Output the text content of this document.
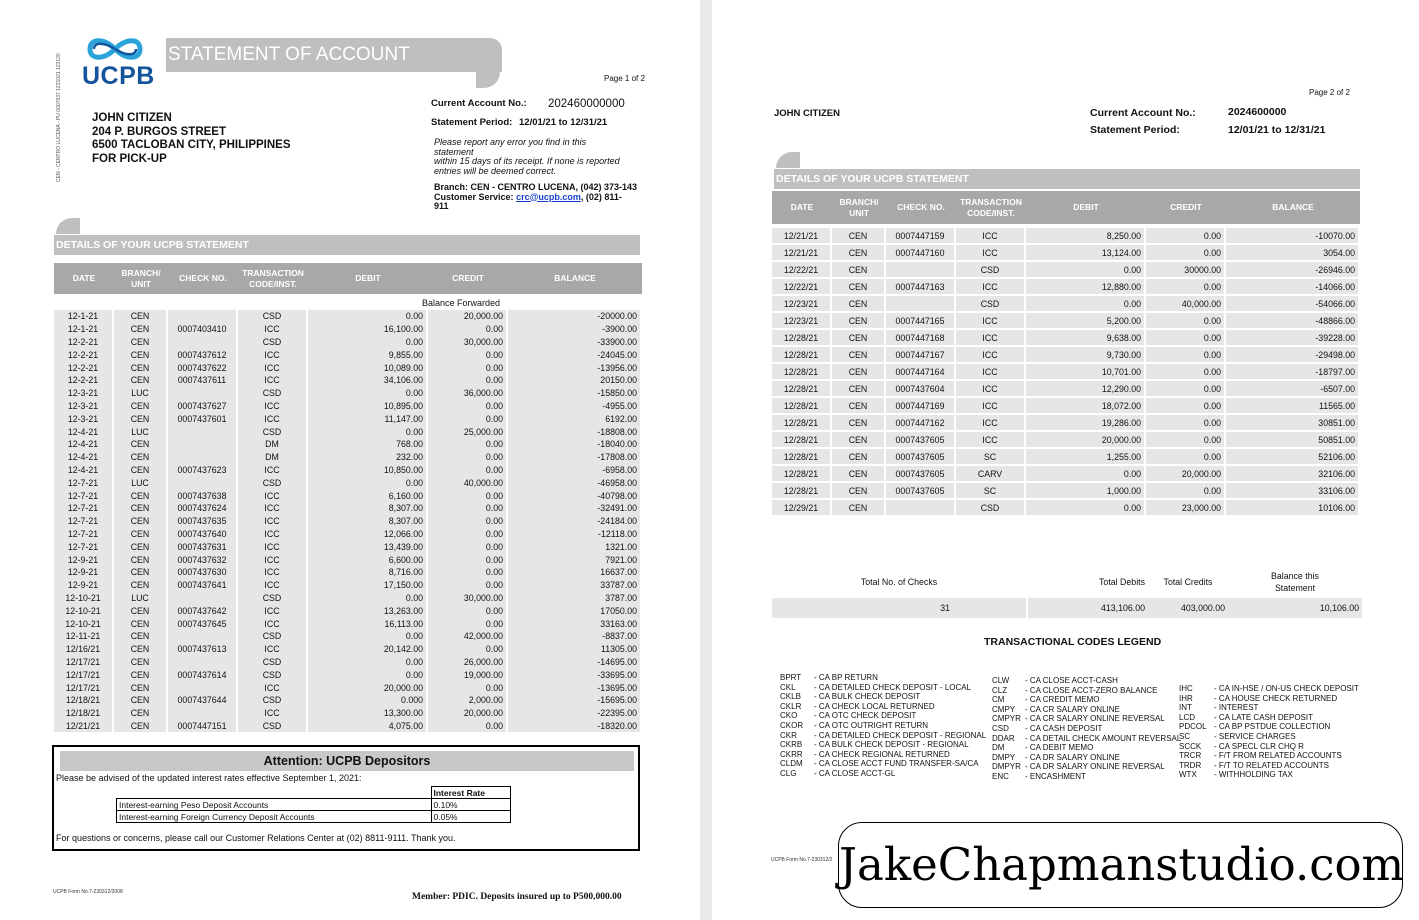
UCPB
STATEMENT OF ACCOUNT
Page 1 of 2
CEN - CENTRO LUCENA - PU 0007837 1231021 123120	JOHN CITIZEN
204 P. BURGOS STREET
6500 TACLOBAN CITY, PHILIPPINES
FOR PICK-UP
Current Account No.: 202460000000
Statement Period: 12/01/21 to 12/31/21
Please report any error you find in this
statement
within 15 days of its receipt. If none is reported
entries will be deemed correct.
Branch: CEN - CENTRO LUCENA, (042) 373-143
Customer Service: crc@ucpb.com, (02) 811-
911
DETAILS OF YOUR UCPB STATEMENT
Balance Forwarded
DATE	BRANCH/
UNIT	CHECK NO.	TRANSACTION
CODE/INST.	DEBIT	CREDIT	BALANCE

12-1-21	CEN		CSD	0.00	20,000.00	-20000.00
12-1-21	CEN	0007403410	ICC	16,100.00	0.00	-3900.00
12-2-21	CEN		CSD	0.00	30,000.00	-33900.00
12-2-21	CEN	0007437612	ICC	9,855.00	0.00	-24045.00
12-2-21	CEN	0007437622	ICC	10,089.00	0.00	-13956.00
12-2-21	CEN	0007437611	ICC	34,106.00	0.00	20150.00
12-3-21	LUC		CSD	0.00	36,000.00	-15850.00
12-3-21	CEN	0007437627	ICC	10,895.00	0.00	-4955.00
12-3-21	CEN	0007437601	ICC	11,147.00	0.00	6192.00
12-4-21	LUC		CSD	0.00	25,000.00	-18808.00
12-4-21	CEN		DM	768.00	0.00	-18040.00
12-4-21	CEN		DM	232.00	0.00	-17808.00
12-4-21	CEN	0007437623	ICC	10,850.00	0.00	-6958.00
12-7-21	LUC		CSD	0.00	40,000.00	-46958.00
12-7-21	CEN	0007437638	ICC	6,160.00	0.00	-40798.00
12-7-21	CEN	0007437624	ICC	8,307.00	0.00	-32491.00
12-7-21	CEN	0007437635	ICC	8,307.00	0.00	-24184.00
12-7-21	CEN	0007437640	ICC	12,066.00	0.00	-12118.00
12-7-21	CEN	0007437631	ICC	13,439.00	0.00	1321.00
12-9-21	CEN	0007437632	ICC	6,600.00	0.00	7921.00
12-9-21	CEN	0007437630	ICC	8,716.00	0.00	16637.00
12-9-21	CEN	0007437641	ICC	17,150.00	0.00	33787.00
12-10-21	LUC		CSD	0.00	30,000.00	3787.00
12-10-21	CEN	0007437642	ICC	13,263.00	0.00	17050.00
12-10-21	CEN	0007437645	ICC	16,113.00	0.00	33163.00
12-11-21	CEN		CSD	0.00	42,000.00	-8837.00
12/16/21	CEN	0007437613	ICC	20,142.00	0.00	11305.00
12/17/21	CEN		CSD	0.00	26,000.00	-14695.00
12/17/21	CEN	0007437614	CSD	0.00	19,000.00	-33695.00
12/17/21	CEN		ICC	20,000.00	0.00	-13695.00
12/18/21	CEN	0007437644	CSD	0.000	2,000.00	-15695.00
12/18/21	CEN		ICC	13,300.00	20,000.00	-22395.00
12/21/21	CEN	0007447151	CSD	4,075.00	0.00	-18320.00
Attention: UCPB Depositors
Please be advised of the updated interest rates effective September 1, 2021:
	Interest Rate
Interest-earning Peso Deposit Accounts	0.10%
Interest-earning Foreign Currency Deposit Accounts	0.05%
For questions or concerns, please call our Customer Relations Center at (02) 8811-9111. Thank you.
UCPB Form No.7-230312/2008	Member: PDIC. Deposits insured up to P500,000.00
Page 2 of 2
JOHN CITIZEN	Current Account No.:	2024600000
Statement Period:	12/01/21 to 12/31/21
DETAILS OF YOUR UCPB STATEMENT
DATE	BRANCH/
UNIT	CHECK NO.	TRANSACTION
CODE/INST.	DEBIT	CREDIT	BALANCE

12/21/21	CEN	0007447159	ICC	8,250.00	0.00	-10070.00
12/21/21	CEN	0007447160	ICC	13,124.00	0.00	3054.00
12/22/21	CEN		CSD	0.00	30000.00	-26946.00
12/22/21	CEN	0007447163	ICC	12,880.00	0.00	-14066.00
12/23/21	CEN		CSD	0.00	40,000.00	-54066.00
12/23/21	CEN	0007447165	ICC	5,200.00	0.00	-48866.00
12/28/21	CEN	0007447168	ICC	9,638.00	0.00	-39228.00
12/28/21	CEN	0007447167	ICC	9,730.00	0.00	-29498.00
12/28/21	CEN	0007447164	ICC	10,701.00	0.00	-18797.00
12/28/21	CEN	0007437604	ICC	12,290.00	0.00	-6507.00
12/28/21	CEN	0007447169	ICC	18,072.00	0.00	11565.00
12/28/21	CEN	0007447162	ICC	19,286.00	0.00	30851.00
12/28/21	CEN	0007437605	ICC	20,000.00	0.00	50851.00
12/28/21	CEN	0007437605	SC	1,255.00	0.00	52106.00
12/28/21	CEN	0007437605	CARV	0.00	20,000.00	32106.00
12/28/21	CEN	0007437605	SC	1,000.00	0.00	33106.00
12/29/21	CEN		CSD	0.00	23,000.00	10106.00
Total No. of Checks		Total Debits	Total Credits	Balance this
Statement
31		413,106.00	403,000.00	10,106.00
TRANSACTIONAL CODES LEGEND
BPRT	- CA BP RETURN
CKL	- CA DETAILED CHECK DEPOSIT - LOCAL
CKLB	- CA BULK CHECK DEPOSIT
CKLR	- CA CHECK LOCAL RETURNED
CKO	- CA OTC CHECK DEPOSIT
CKOR	- CA OTC OUTRIGHT RETURN
CKR	- CA DETAILED CHECK DEPOSIT - REGIONAL
CKRB	- CA BULK CHECK DEPOSIT - REGIONAL
CKRR	- CA CHECK REGIONAL RETURNED
CLDM	- CA CLOSE ACCT FUND TRANSFER-SA/CA
CLG	- CA CLOSE ACCT-GL
CLW	- CA CLOSE ACCT-CASH
CLZ	- CA CLOSE ACCT-ZERO BALANCE
CM	- CA CREDIT MEMO
CMPY	- CA CR SALARY ONLINE
CMPYR - CA CR SALARY ONLINE REVERSAL
CSD	- CA CASH DEPOSIT
DDAR	- CA DETAIL CHECK AMOUNT REVERSAL
DM	- CA DEBIT MEMO
DMPY	- CA DR SALARY ONLINE
DMPYR - CA DR SALARY ONLINE REVERSAL
ENC	- ENCASHMENT
IHC	- CA IN-HSE / ON-US CHECK DEPOSIT
IHR	- CA HOUSE CHECK RETURNED
INT	- INTEREST
LCD	- CA LATE CASH DEPOSIT
PDCOL - CA BP PSTDUE COLLECTION
SC	- SERVICE CHARGES
SCCK	- CA SPECL CLR CHQ R
TRCR	- F/T FROM RELATED ACCOUNTS
TRDR	- F/T TO RELATED ACCOUNTS
WTX	- WITHHOLDING TAX
UCPB Form No.7-230312/2 JakeChapmanstudio.com
